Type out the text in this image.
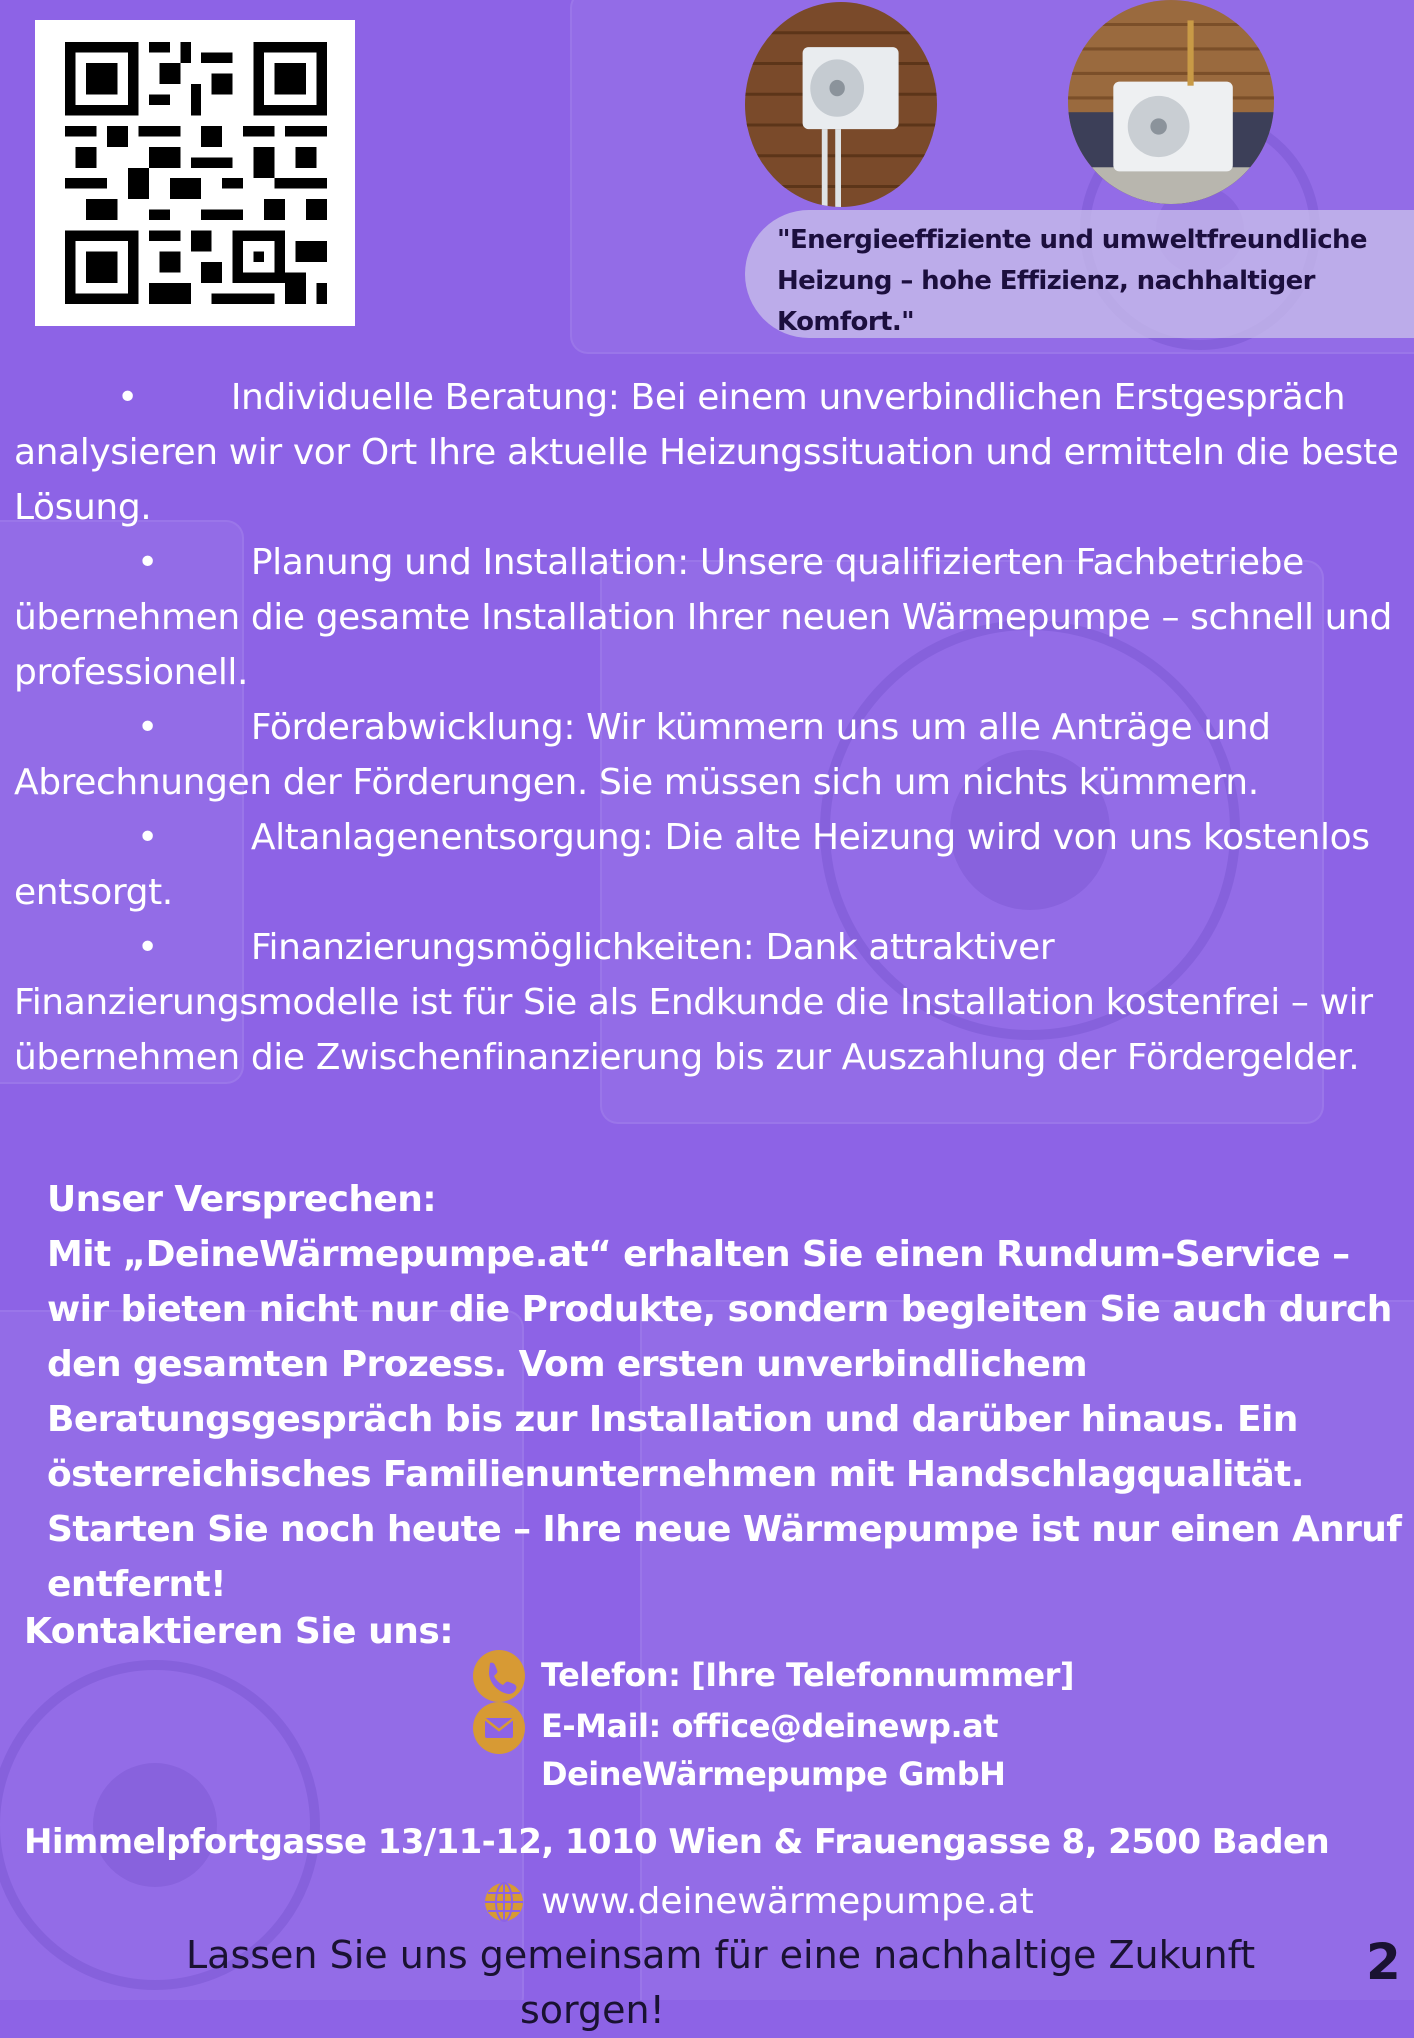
"Energieeffiziente und umweltfreundliche Heizung – hohe Effizienz, nachhaltiger Komfort."

•	Individuelle Beratung: Bei einem unverbindlichen Erstgespräch analysieren wir vor Ort Ihre aktuelle Heizungssituation und ermitteln die beste Lösung.
•	Planung und Installation: Unsere qualifizierten Fachbetriebe übernehmen die gesamte Installation Ihrer neuen Wärmepumpe – schnell und professionell.
•	Förderabwicklung: Wir kümmern uns um alle Anträge und Abrechnungen der Förderungen. Sie müssen sich um nichts kümmern.
•	Altanlagenentsorgung: Die alte Heizung wird von uns kostenlos entsorgt.
•	Finanzierungsmöglichkeiten: Dank attraktiver Finanzierungsmodelle ist für Sie als Endkunde die Installation kostenfrei – wir übernehmen die Zwischenfinanzierung bis zur Auszahlung der Fördergelder.

Unser Versprechen:

Mit „DeineWärmepumpe.at“ erhalten Sie einen Rundum-Service – wir bieten nicht nur die Produkte, sondern begleiten Sie auch durch den gesamten Prozess. Vom ersten unverbindlichem Beratungsgespräch bis zur Installation und darüber hinaus. Ein österreichisches Familienunternehmen mit Handschlagqualität.

Starten Sie noch heute – Ihre neue Wärmepumpe ist nur einen Anruf entfernt!

Kontaktieren Sie uns:

Telefon: [Ihre Telefonnummer]
E-Mail: office@deinewp.at
DeineWärmepumpe GmbH
Himmelpfortgasse 13/11-12, 1010 Wien & Frauengasse 8, 2500 Baden
www.deinewärmepumpe.at
Lassen Sie uns gemeinsam für eine nachhaltige Zukunft
sorgen!
2
